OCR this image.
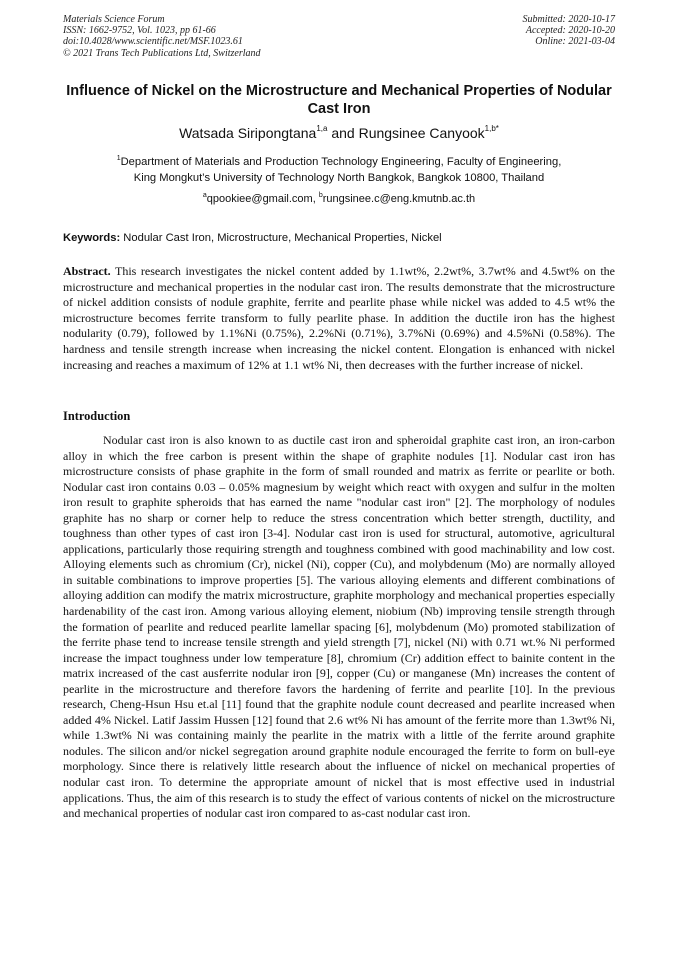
Materials Science Forum
ISSN: 1662-9752, Vol. 1023, pp 61-66
doi:10.4028/www.scientific.net/MSF.1023.61
© 2021 Trans Tech Publications Ltd, Switzerland
Submitted: 2020-10-17
Accepted: 2020-10-20
Online: 2021-03-04
Influence of Nickel on the Microstructure and Mechanical Properties of Nodular Cast Iron
Watsada Siripongtana$^{1,a}$ and Rungsinee Canyook$^{1,b*}$
$^1$Department of Materials and Production Technology Engineering, Faculty of Engineering,
King Mongkut’s University of Technology North Bangkok, Bangkok 10800, Thailand
$^a$qpookiee@gmail.com, $^b$rungsinee.c@eng.kmutnb.ac.th
Keywords: Nodular Cast Iron, Microstructure, Mechanical Properties, Nickel
Abstract. This research investigates the nickel content added by 1.1wt%, 2.2wt%, 3.7wt% and 4.5wt% on the microstructure and mechanical properties in the nodular cast iron. The results demonstrate that the microstructure of nickel addition consists of nodule graphite, ferrite and pearlite phase while nickel was added to 4.5 wt% the microstructure becomes ferrite transform to fully pearlite phase. In addition the ductile iron has the highest nodularity (0.79), followed by 1.1%Ni (0.75%), 2.2%Ni (0.71%), 3.7%Ni (0.69%) and 4.5%Ni (0.58%). The hardness and tensile strength increase when increasing the nickel content. Elongation is enhanced with nickel increasing and reaches a maximum of 12% at 1.1 wt% Ni, then decreases with the further increase of nickel.
Introduction
Nodular cast iron is also known to as ductile cast iron and spheroidal graphite cast iron, an iron-carbon alloy in which the free carbon is present within the shape of graphite nodules [1]. Nodular cast iron has microstructure consists of phase graphite in the form of small rounded and matrix as ferrite or pearlite or both. Nodular cast iron contains 0.03 – 0.05% magnesium by weight which react with oxygen and sulfur in the molten iron result to graphite spheroids that has earned the name "nodular cast iron" [2]. The morphology of nodules graphite has no sharp or corner help to reduce the stress concentration which better strength, ductility, and toughness than other types of cast iron [3-4]. Nodular cast iron is used for structural, automotive, agricultural applications, particularly those requiring strength and toughness combined with good machinability and low cost. Alloying elements such as chromium (Cr), nickel (Ni), copper (Cu), and molybdenum (Mo) are normally alloyed in suitable combinations to improve properties [5]. The various alloying elements and different combinations of alloying addition can modify the matrix microstructure, graphite morphology and mechanical properties especially hardenability of the cast iron. Among various alloying element, niobium (Nb) improving tensile strength through the formation of pearlite and reduced pearlite lamellar spacing [6], molybdenum (Mo) promoted stabilization of the ferrite phase tend to increase tensile strength and yield strength [7], nickel (Ni) with 0.71 wt.% Ni performed increase the impact toughness under low temperature [8], chromium (Cr) addition effect to bainite content in the matrix increased of the cast ausferrite nodular iron [9], copper (Cu) or manganese (Mn) increases the content of pearlite in the microstructure and therefore favors the hardening of ferrite and pearlite [10]. In the previous research, Cheng-Hsun Hsu et.al [11] found that the graphite nodule count decreased and pearlite increased when added 4% Nickel. Latif Jassim Hussen [12] found that 2.6 wt% Ni has amount of the ferrite more than 1.3wt% Ni, while 1.3wt% Ni was containing mainly the pearlite in the matrix with a little of the ferrite around graphite nodules. The silicon and/or nickel segregation around graphite nodule encouraged the ferrite to form on bull-eye morphology. Since there is relatively little research about the influence of nickel on mechanical properties of nodular cast iron. To determine the appropriate amount of nickel that is most effective used in industrial applications. Thus, the aim of this research is to study the effect of various contents of nickel on the microstructure and mechanical properties of nodular cast iron compared to as-cast nodular cast iron.
